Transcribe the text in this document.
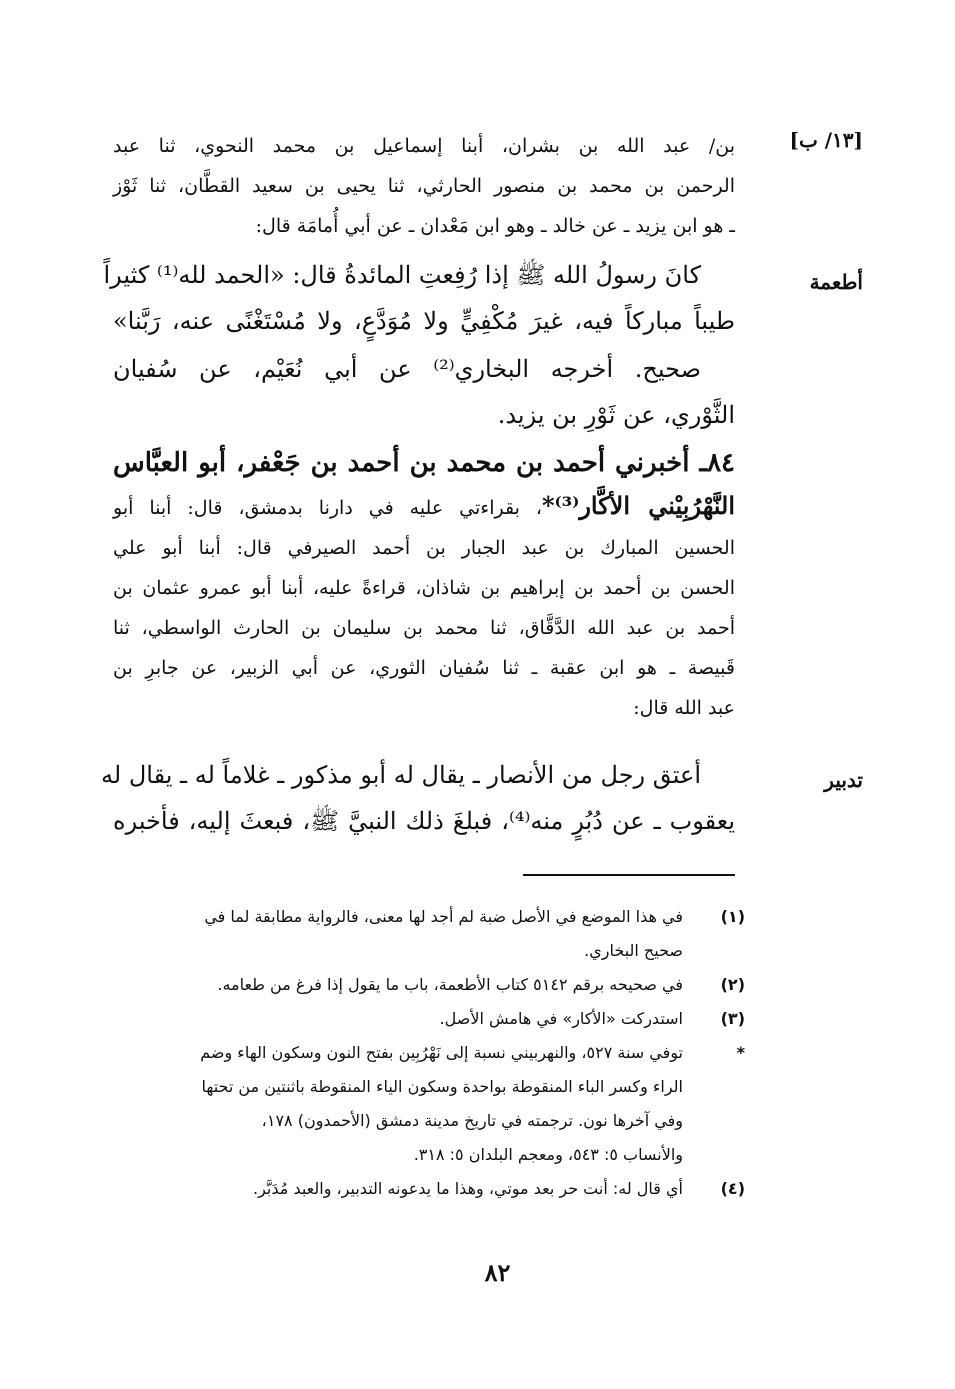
[١٣/ ب]
أطعمة
تدبير
بن/ عبد الله بن بشران، أبنا إسماعيل بن محمد النحوي، ثنا عبد
الرحمن بن محمد بن منصور الحارثي، ثنا يحيى بن سعيد القطَّان، ثنا ثَوْز
ـ هو ابن يزيد ـ عن خالد ـ وهو ابن مَعْدان ـ عن أبي أُمامَة قال:
كانَ رسولُ الله ﷺ إذا رُفِعتِ المائدةُ قال: «الحمد لله⁽¹⁾ كثيراً
طيباً مباركاً فيه، غيرَ مُكْفِيٍّ ولا مُوَدَّعٍ، ولا مُسْتَغْنًى عنه، رَبَّنا»
صحيح. أخرجه البخاري⁽²⁾ عن أبي نُعَيْم، عن سُفيان
الثَّوْري، عن ثَوْرِ بن يزيد.
٨٤ـ أخبرني أحمد بن محمد بن أحمد بن جَعْفر، أبو العبَّاس
النَّهْرُبِيْني الأكَّار⁽³⁾*، بقراءتي عليه في دارنا بدمشق، قال: أبنا أبو
الحسين المبارك بن عبد الجبار بن أحمد الصيرفي قال: أبنا أبو علي
الحسن بن أحمد بن إبراهيم بن شاذان، قراءةً عليه، أبنا أبو عمرو عثمان بن
أحمد بن عبد الله الدَّقَّاق، ثنا محمد بن سليمان بن الحارث الواسطي، ثنا
قَبيصة ـ هو ابن عقبة ـ ثنا سُفيان الثوري، عن أبي الزبير، عن جابرِ بن
عبد الله قال:
أعتق رجل من الأنصار ـ يقال له أبو مذكور ـ غلاماً له ـ يقال له
يعقوب ـ عن دُبُرٍ منه⁽⁴⁾، فبلغَ ذلك النبيَّ ﷺ، فبعثَ إليه، فأخبره
(١)
في هذا الموضع في الأصل ضبة لم أجد لها معنى، فالرواية مطابقة لما في
صحيح البخاري.
(٢)
في صحيحه برقم ٥١٤٢ كتاب الأطعمة، باب ما يقول إذا فرغ من طعامه.
(٣)
استدركت «الأكار» في هامش الأصل.
*
توفي سنة ٥٢٧، والنهربيني نسبة إلى نَهْرُبِين بفتح النون وسكون الهاء وضم
الراء وكسر الباء المنقوطة بواحدة وسكون الياء المنقوطة باثنتين من تحتها
وفي آخرها نون. ترجمته في تاريخ مدينة دمشق (الأحمدون) ١٧٨،
والأنساب ٥: ٥٤٣، ومعجم البلدان ٥: ٣١٨.
(٤)
أي قال له: أنت حر بعد موتي، وهذا ما يدعونه التدبير، والعبد مُدَبَّر.
٨٢
